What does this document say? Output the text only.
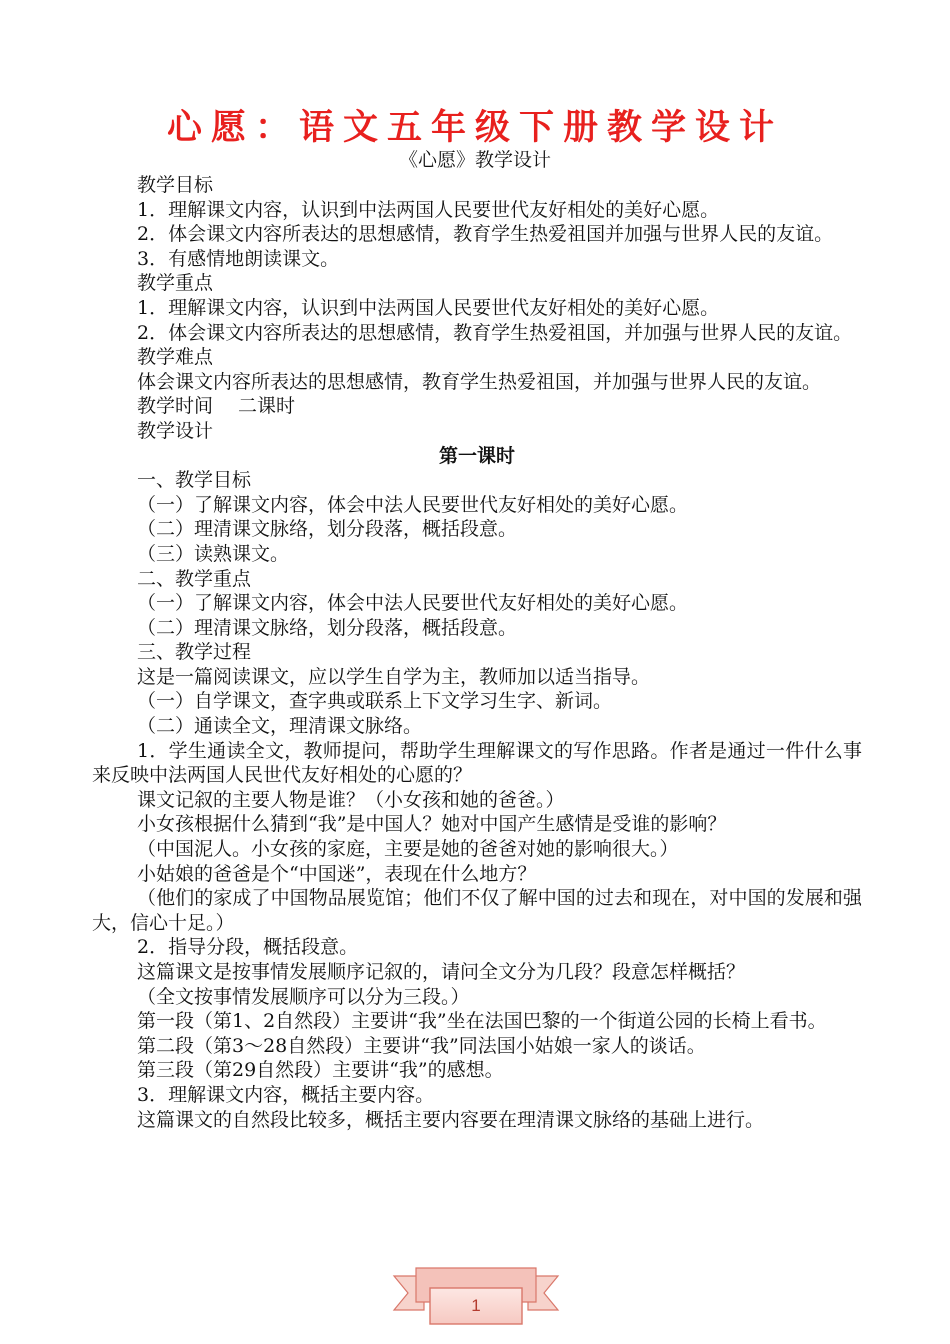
心愿：语文五年级下册教学设计
《心愿》教学设计

教学目标

1．理解课文内容，认识到中法两国人民要世代友好相处的美好心愿。

2．体会课文内容所表达的思想感情，教育学生热爱祖国并加强与世界人民的友谊。

3．有感情地朗读课文。

教学重点

1．理解课文内容，认识到中法两国人民要世代友好相处的美好心愿。

2．体会课文内容所表达的思想感情，教育学生热爱祖国，并加强与世界人民的友谊。

教学难点

体会课文内容所表达的思想感情，教育学生热爱祖国，并加强与世界人民的友谊。

教学时间　 二课时

教学设计

第一课时

一、教学目标

（一）了解课文内容，体会中法人民要世代友好相处的美好心愿。

（二）理清课文脉络，划分段落，概括段意。

（三）读熟课文。

二、教学重点

（一）了解课文内容，体会中法人民要世代友好相处的美好心愿。

（二）理清课文脉络，划分段落，概括段意。

三、教学过程

这是一篇阅读课文，应以学生自学为主，教师加以适当指导。

（一）自学课文，查字典或联系上下文学习生字、新词。

（二）通读全文，理清课文脉络。

1．学生通读全文，教师提问，帮助学生理解课文的写作思路。作者是通过一件什么事来反映中法两国人民世代友好相处的心愿的？

课文记叙的主要人物是谁？（小女孩和她的爸爸。）

小女孩根据什么猜到“我”是中国人？她对中国产生感情是受谁的影响？

（中国泥人。小女孩的家庭，主要是她的爸爸对她的影响很大。）

小姑娘的爸爸是个“中国迷”，表现在什么地方？

（他们的家成了中国物品展览馆；他们不仅了解中国的过去和现在，对中国的发展和强大，信心十足。）

2．指导分段，概括段意。

这篇课文是按事情发展顺序记叙的，请问全文分为几段？段意怎样概括？

（全文按事情发展顺序可以分为三段。）

第一段（第1、2自然段）主要讲“我”坐在法国巴黎的一个街道公园的长椅上看书。

第二段（第3～28自然段）主要讲“我”同法国小姑娘一家人的谈话。

第三段（第29自然段）主要讲“我”的感想。

3．理解课文内容，概括主要内容。

这篇课文的自然段比较多，概括主要内容要在理清课文脉络的基础上进行。

1
